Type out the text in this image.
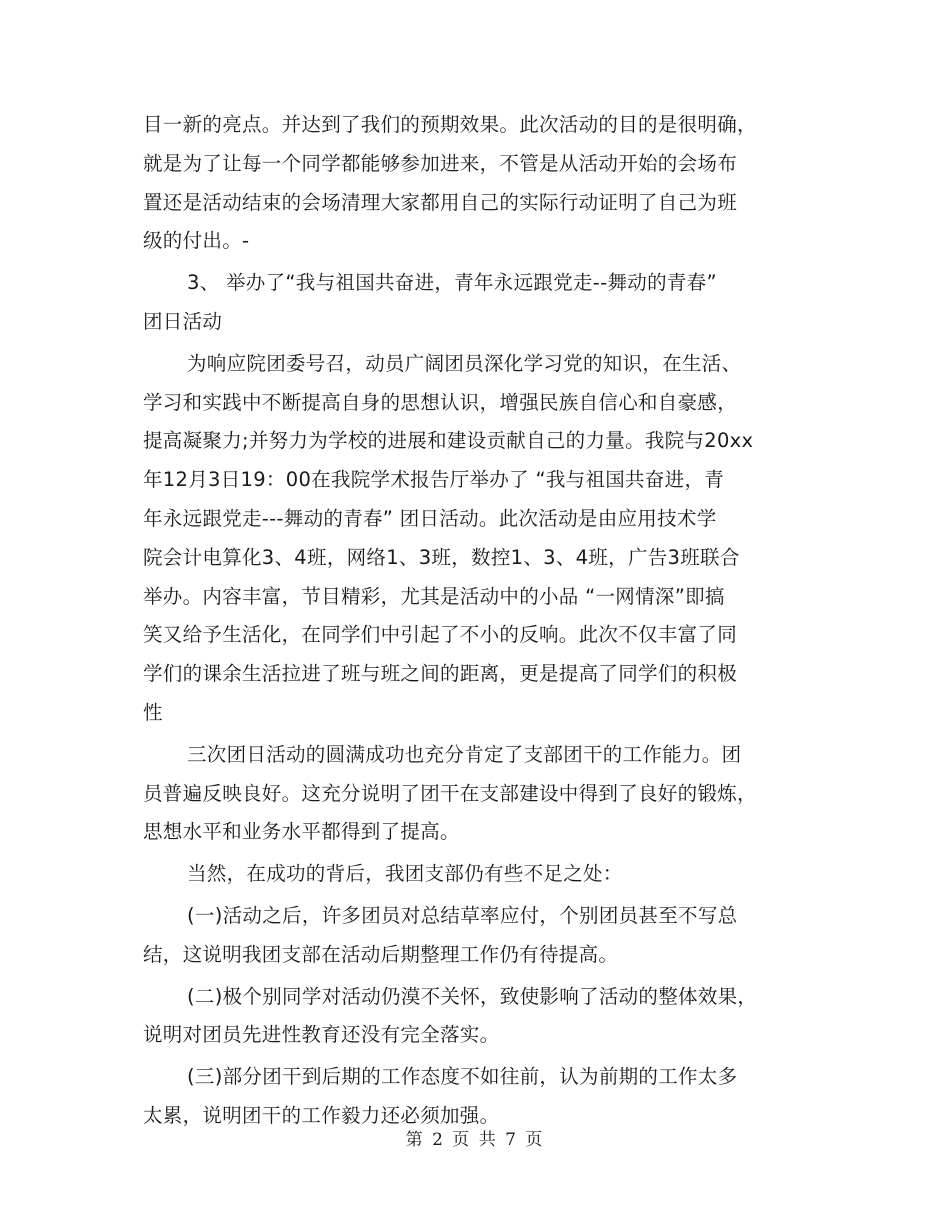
目一新的亮点。并达到了我们的预期效果。此次活动的目的是很明确，
就是为了让每一个同学都能够参加进来，不管是从活动开始的会场布
置还是活动结束的会场清理大家都用自己的实际行动证明了自己为班
级的付出。-
3、 举办了“我与祖国共奋进，青年永远跟党走--舞动的青春”
团日活动
为响应院团委号召，动员广阔团员深化学习党的知识，在生活、
学习和实践中不断提高自身的思想认识，增强民族自信心和自豪感，
提高凝聚力;并努力为学校的进展和建设贡献自己的力量。我院与20xx
年12月3日19：00在我院学术报告厅举办了 “我与祖国共奋进，青
年永远跟党走---舞动的青春” 团日活动。此次活动是由应用技术学
院会计电算化3、4班，网络1、3班，数控1、3、4班，广告3班联合
举办。内容丰富，节目精彩，尤其是活动中的小品 “一网情深”即搞
笑又给予生活化，在同学们中引起了不小的反响。此次不仅丰富了同
学们的课余生活拉进了班与班之间的距离，更是提高了同学们的积极
性
三次团日活动的圆满成功也充分肯定了支部团干的工作能力。团
员普遍反映良好。这充分说明了团干在支部建设中得到了良好的锻炼，
思想水平和业务水平都得到了提高。
当然，在成功的背后，我团支部仍有些不足之处：
(一)活动之后，许多团员对总结草率应付，个别团员甚至不写总
结，这说明我团支部在活动后期整理工作仍有待提高。
(二)极个别同学对活动仍漠不关怀，致使影响了活动的整体效果，
说明对团员先进性教育还没有完全落实。
(三)部分团干到后期的工作态度不如往前，认为前期的工作太多
太累，说明团干的工作毅力还必须加强。
第 2 页 共 7 页
